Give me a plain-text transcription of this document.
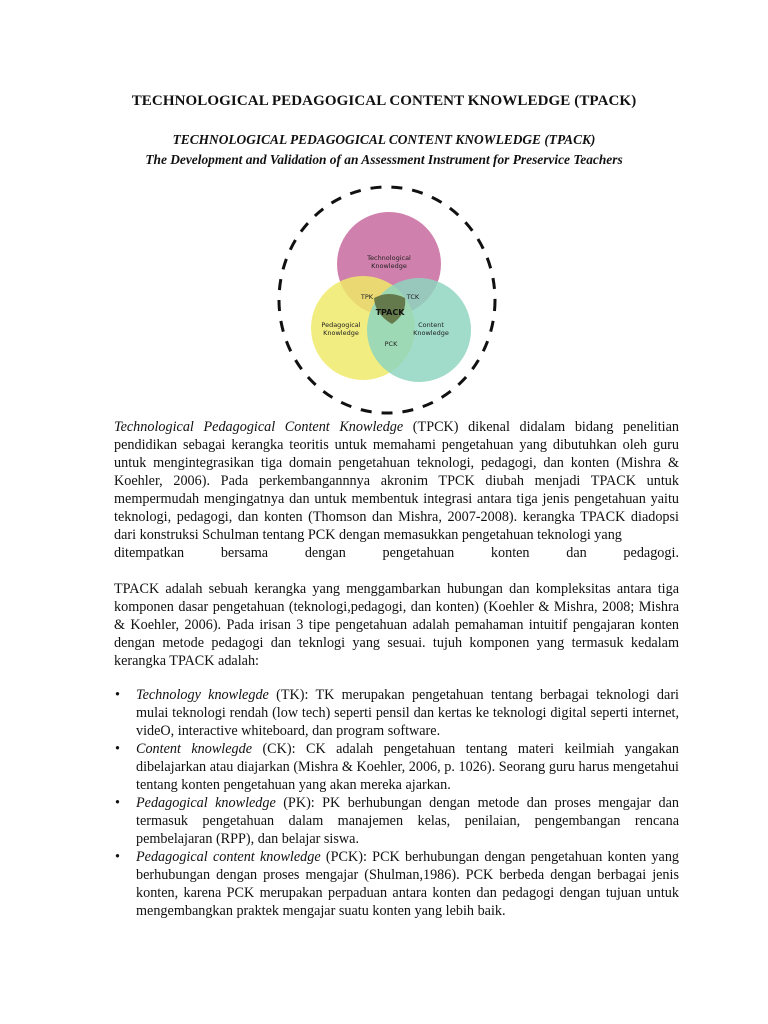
TECHNOLOGICAL PEDAGOGICAL CONTENT KNOWLEDGE (TPACK)
TECHNOLOGICAL PEDAGOGICAL CONTENT KNOWLEDGE (TPACK)
The Development and Validation of an Assessment Instrument for Preservice Teachers
Technological
Knowledge
TPK	TCK
TPACK
Pedagogical
Knowledge
Content
Knowledge
PCK
Technological Pedagogical Content Knowledge (TPCK) dikenal didalam bidang penelitian pendidikan sebagai kerangka teoritis untuk memahami pengetahuan yang dibutuhkan oleh guru untuk mengintegrasikan tiga domain pengetahuan teknologi, pedagogi, dan konten (Mishra & Koehler, 2006). Pada perkembangannnya akronim TPCK diubah menjadi TPACK untuk mempermudah mengingatnya dan untuk membentuk integrasi antara tiga jenis pengetahuan yaitu teknologi, pedagogi, dan konten (Thomson dan Mishra, 2007-2008). kerangka TPACK diadopsi dari konstruksi Schulman tentang PCK dengan memasukkan pengetahuan teknologi yang
ditempatkan bersama dengan pengetahuan konten dan pedagogi.
TPACK adalah sebuah kerangka yang menggambarkan hubungan dan kompleksitas antara tiga komponen dasar pengetahuan (teknologi,pedagogi, dan konten) (Koehler & Mishra, 2008; Mishra & Koehler, 2006). Pada irisan 3 tipe pengetahuan adalah pemahaman intuitif pengajaran konten dengan metode pedagogi dan teknlogi yang sesuai. tujuh komponen yang termasuk kedalam kerangka TPACK adalah:
• Technology knowlegde (TK): TK merupakan pengetahuan tentang berbagai teknologi dari mulai teknologi rendah (low tech) seperti pensil dan kertas ke teknologi digital seperti internet, videO, interactive whiteboard, dan program software.
• Content knowlegde (CK): CK adalah pengetahuan tentang materi keilmiah yangakan dibelajarkan atau diajarkan (Mishra & Koehler, 2006, p. 1026). Seorang guru harus mengetahui tentang konten pengetahuan yang akan mereka ajarkan.
• Pedagogical knowledge (PK): PK berhubungan dengan metode dan proses mengajar dan termasuk pengetahuan dalam manajemen kelas, penilaian, pengembangan rencana pembelajaran (RPP), dan belajar siswa.
• Pedagogical content knowledge (PCK): PCK berhubungan dengan pengetahuan konten yang berhubungan dengan proses mengajar (Shulman,1986). PCK berbeda dengan berbagai jenis konten, karena PCK merupakan perpaduan antara konten dan pedagogi dengan tujuan untuk mengembangkan praktek mengajar suatu konten yang lebih baik.
